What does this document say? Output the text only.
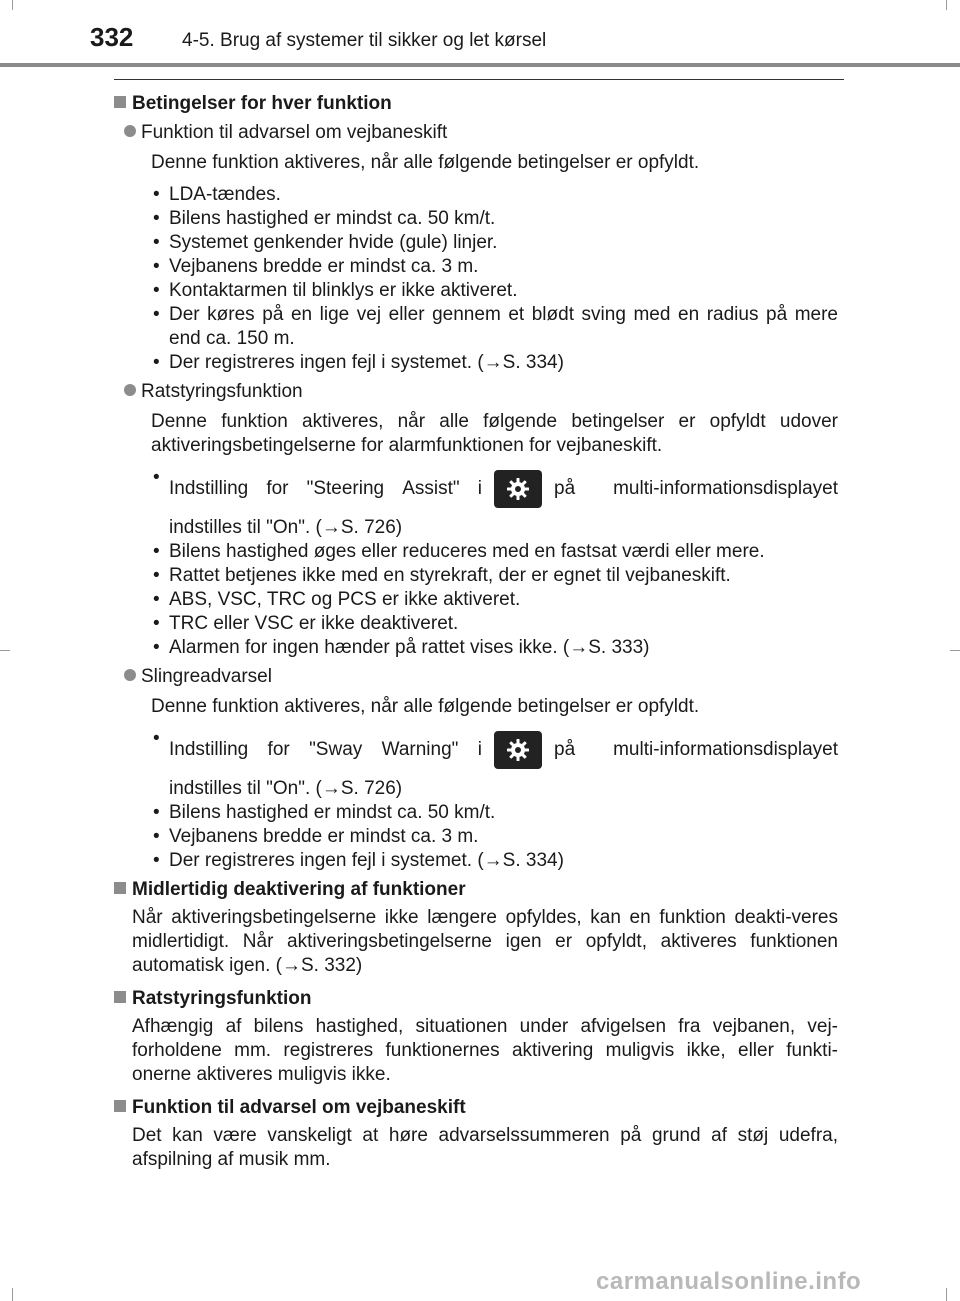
332	4-5. Brug af systemer til sikker og let kørsel
Betingelser for hver funktion
Funktion til advarsel om vejbaneskift
Denne funktion aktiveres, når alle følgende betingelser er opfyldt.
• LDA-tændes.
• Bilens hastighed er mindst ca. 50 km/t.
• Systemet genkender hvide (gule) linjer.
• Vejbanens bredde er mindst ca. 3 m.
• Kontaktarmen til blinklys er ikke aktiveret.
• Der køres på en lige vej eller gennem et blødt sving med en radius på mere end ca. 150 m.
• Der registreres ingen fejl i systemet. (→S. 334)
Ratstyringsfunktion
Denne funktion aktiveres, når alle følgende betingelser er opfyldt udover aktiveringsbetingelserne for alarmfunktionen for vejbaneskift.
• Indstilling for "Steering Assist" i	på multi-informationsdisplayet
indstilles til "On". (→S. 726)
• Bilens hastighed øges eller reduceres med en fastsat værdi eller mere.
• Rattet betjenes ikke med en styrekraft, der er egnet til vejbaneskift.
• ABS, VSC, TRC og PCS er ikke aktiveret.
• TRC eller VSC er ikke deaktiveret.
• Alarmen for ingen hænder på rattet vises ikke. (→S. 333)
Slingreadvarsel
Denne funktion aktiveres, når alle følgende betingelser er opfyldt.
• Indstilling for "Sway Warning" i	på multi-informationsdisplayet
indstilles til "On". (→S. 726)
• Bilens hastighed er mindst ca. 50 km/t.
• Vejbanens bredde er mindst ca. 3 m.
• Der registreres ingen fejl i systemet. (→S. 334)
Midlertidig deaktivering af funktioner
Når aktiveringsbetingelserne ikke længere opfyldes, kan en funktion deakti-veres midlertidigt. Når aktiveringsbetingelserne igen er opfyldt, aktiveres funktionen automatisk igen. (→S. 332)
Ratstyringsfunktion
Afhængig af bilens hastighed, situationen under afvigelsen fra vejbanen, vej-forholdene mm. registreres funktionernes aktivering muligvis ikke, eller funkti-onerne aktiveres muligvis ikke.
Funktion til advarsel om vejbaneskift
Det kan være vanskeligt at høre advarselssummeren på grund af støj udefra, afspilning af musik mm.
carmanualsonline.info
